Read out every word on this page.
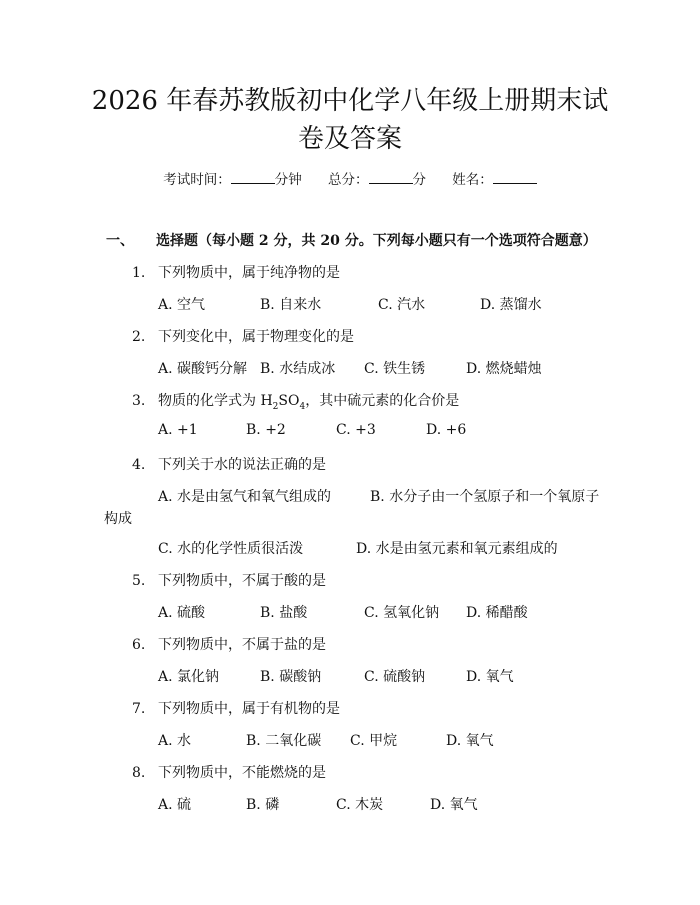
2026 年春苏教版初中化学八年级上册期末试
卷及答案
考试时间：	分钟 总分：	分 姓名：
一、 选择题（每小题 2 分，共 20 分。下列每小题只有一个选项符合题意）
1. 下列物质中，属于纯净物的是
A. 空气	B. 自来水	C. 汽水	D. 蒸馏水
2. 下列变化中，属于物理变化的是
A. 碳酸钙分解 B. 水结成冰 C. 铁生锈	D. 燃烧蜡烛
3. 物质的化学式为 $H_2SO_4$，其中硫元素的化合价是
A. +1	B. +2	C. +3	D. +6
4. 下列关于水的说法正确的是
A. 水是由氢气和氧气组成的	B. 水分子由一个氢原子和一个氧原子
构成
C. 水的化学性质很活泼	D. 水是由氢元素和氧元素组成的
5. 下列物质中，不属于酸的是
A. 硫酸	B. 盐酸	C. 氢氧化钠 D. 稀醋酸
6. 下列物质中，不属于盐的是
A. 氯化钠	B. 碳酸钠	C. 硫酸钠	D. 氧气
7. 下列物质中，属于有机物的是
A. 水	B. 二氧化碳 C. 甲烷	D. 氧气
8. 下列物质中，不能燃烧的是
A. 硫	B. 磷	C. 木炭	D. 氧气
